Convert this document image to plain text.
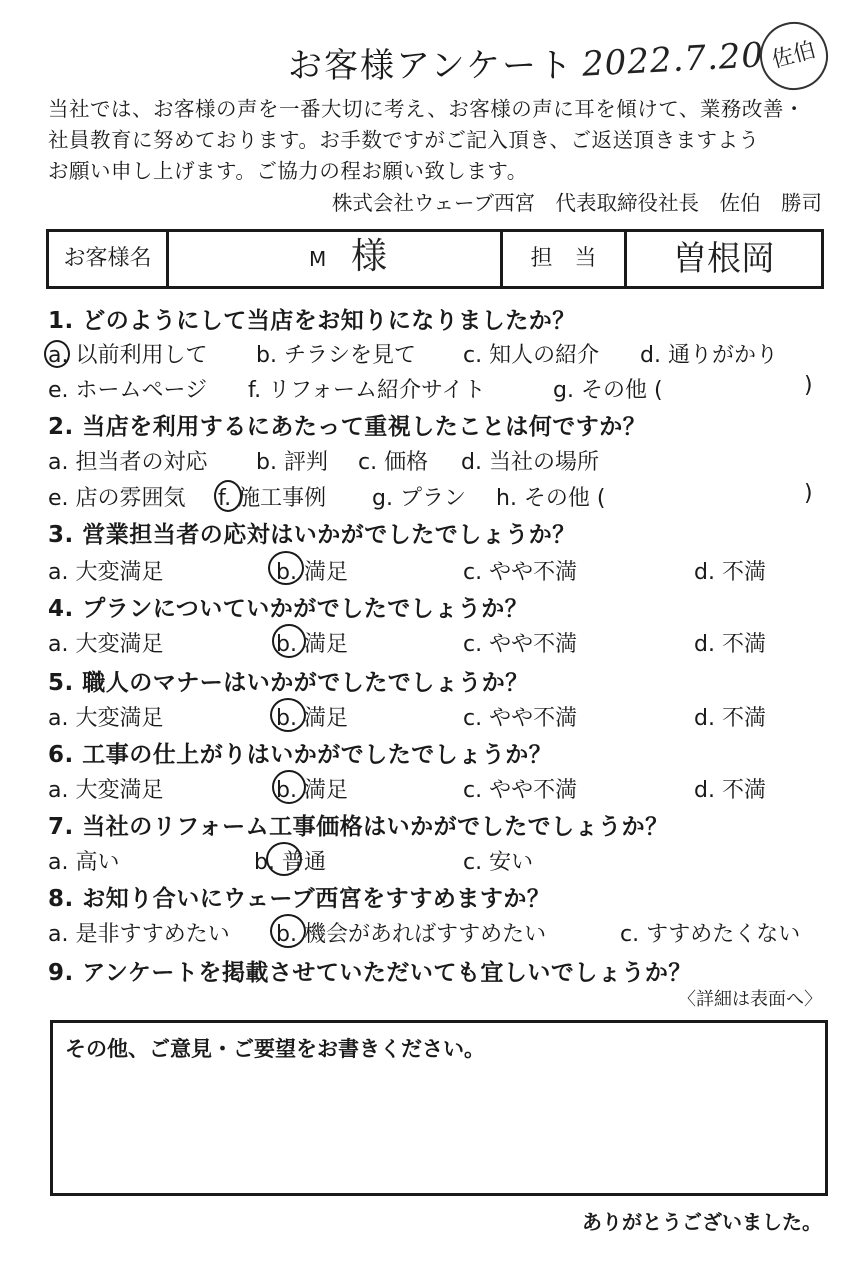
お客様アンケート 2022.7.20 佐伯
当社では、お客様の声を一番大切に考え、お客様の声に耳を傾けて、業務改善・
社員教育に努めております。お手数ですがご記入頂き、ご返送頂きますよう
お願い申し上げます。ご協力の程お願い致します。
株式会社ウェーブ西宮　代表取締役社長　佐伯　勝司
お客様名	M 様	担　当	曽根岡
1. どのようにして当店をお知りになりましたか？
a. 以前利用して b. チラシを見て c. 知人の紹介 d. 通りがかり
e. ホームページ f. リフォーム紹介サイト	g. その他 (	)
2. 当店を利用するにあたって重視したことは何ですか？
a. 担当者の対応 b. 評判 c. 価格 d. 当社の場所
e. 店の雰囲気 f. 施工事例 g. プラン h. その他 (	)
3. 営業担当者の応対はいかがでしたでしょうか？
a. 大変満足	b. 満足	c. やや不満	d. 不満
4. プランについていかがでしたでしょうか？
a. 大変満足	b. 満足	c. やや不満	d. 不満
5. 職人のマナーはいかがでしたでしょうか？
a. 大変満足	b. 満足	c. やや不満	d. 不満
6. 工事の仕上がりはいかがでしたでしょうか？
a. 大変満足	b. 満足	c. やや不満	d. 不満
7. 当社のリフォーム工事価格はいかがでしたでしょうか？
a. 高い	b. 普通	c. 安い
8. お知り合いにウェーブ西宮をすすめますか？
a. 是非すすめたい b. 機会があればすすめたい	c. すすめたくない
9. アンケートを掲載させていただいても宜しいでしょうか？
〈詳細は表面へ〉
その他、ご意見・ご要望をお書きください。
ありがとうございました。
